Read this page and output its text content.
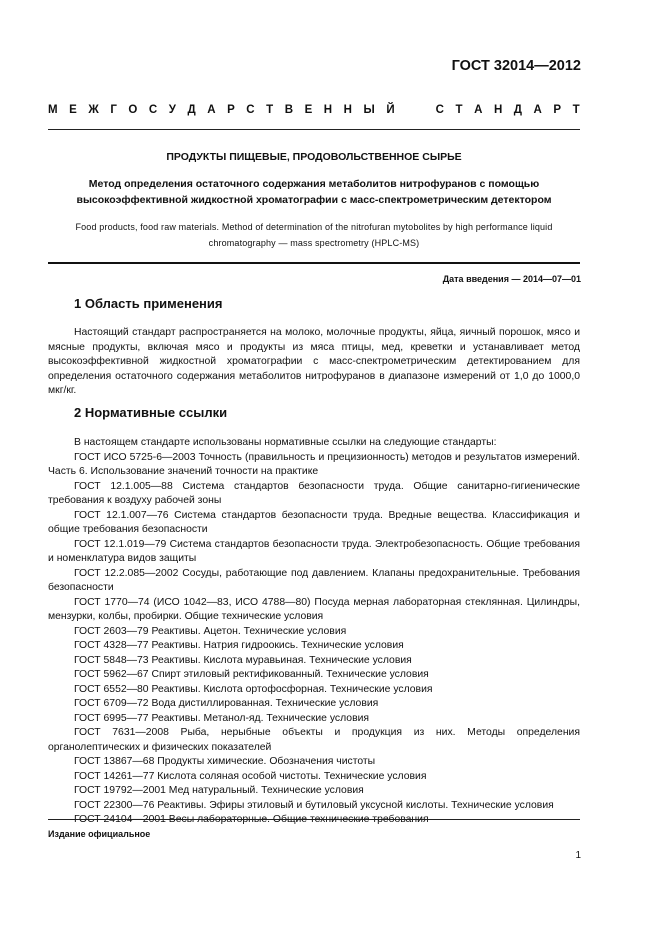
ГОСТ 32014—2012
М Е Ж Г О С У Д А Р С Т В Е Н Н Ы Й

	С Т А Н Д А Р Т
ПРОДУКТЫ ПИЩЕВЫЕ, ПРОДОВОЛЬСТВЕННОЕ СЫРЬЕ
Метод определения остаточного содержания метаболитов нитрофуранов с помощью
высокоэффективной жидкостной хроматографии с масс-спектрометрическим детектором
Food products, food raw materials. Method of determination of the nitrofuran mytobolites by high performance liquid chromatography — mass spectrometry (HPLC-MS)
Дата введения — 2014—07—01
1 Область применения
Настоящий стандарт распространяется на молоко, молочные продукты, яйца, яичный порошок, мясо и мясные продукты, включая мясо и продукты из мяса птицы, мед, креветки и устанавливает метод высокоэффективной жидкостной хроматографии с масс-спектрометрическим детектированием для определения остаточного содержания метаболитов нитрофуранов в диапазоне измерений от 1,0 до 1000,0 мкг/кг.
2 Нормативные ссылки
В настоящем стандарте использованы нормативные ссылки на следующие стандарты:
ГОСТ ИСО 5725-6—2003 Точность (правильность и прецизионность) методов и результатов измерений. Часть 6. Использование значений точности на практике
ГОСТ 12.1.005—88 Система стандартов безопасности труда. Общие санитарно-гигиенические требования к воздуху рабочей зоны
ГОСТ 12.1.007—76 Система стандартов безопасности труда. Вредные вещества. Классификация и общие требования безопасности
ГОСТ 12.1.019—79 Система стандартов безопасности труда. Электробезопасность. Общие требования и номенклатура видов защиты
ГОСТ 12.2.085—2002 Сосуды, работающие под давлением. Клапаны предохранительные. Требования безопасности
ГОСТ 1770—74 (ИСО 1042—83, ИСО 4788—80) Посуда мерная лабораторная стеклянная. Цилиндры, мензурки, колбы, пробирки. Общие технические условия
ГОСТ 2603—79 Реактивы. Ацетон. Технические условия
ГОСТ 4328—77 Реактивы. Натрия гидроокись. Технические условия
ГОСТ 5848—73 Реактивы. Кислота муравьиная. Технические условия
ГОСТ 5962—67 Спирт этиловый ректификованный. Технические условия
ГОСТ 6552—80 Реактивы. Кислота ортофосфорная. Технические условия
ГОСТ 6709—72 Вода дистиллированная. Технические условия
ГОСТ 6995—77 Реактивы. Метанол-яд. Технические условия
ГОСТ 7631—2008 Рыба, нерыбные объекты и продукция из них. Методы определения органолептических и физических показателей
ГОСТ 13867—68 Продукты химические. Обозначения чистоты
ГОСТ 14261—77 Кислота соляная особой чистоты. Технические условия
ГОСТ 19792—2001 Мед натуральный. Технические условия
ГОСТ 22300—76 Реактивы. Эфиры этиловый и бутиловый уксусной кислоты. Технические условия
ГОСТ 24104—2001 Весы лабораторные. Общие технические требования
Издание официальное
1
